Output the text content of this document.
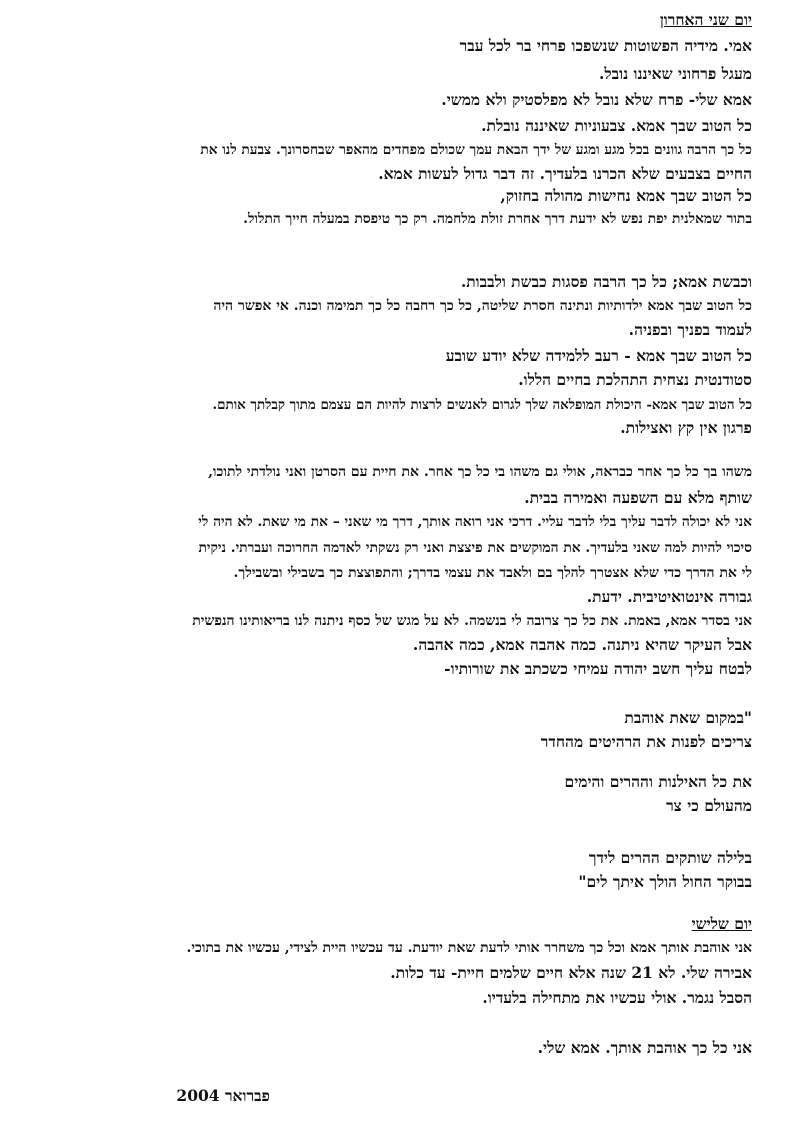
יום שני האחרון

אמי. מידיה הפשוטות שנשפכו פרחי בר לכל עבר

מעגל פרחוני שאיננו נובל.

אמא שלי- פרח שלא נובל לא מפלסטיק ולא ממשי.

כל הטוב שבך אמא. צבעוניות שאיננה נובלת.

כל כך הרבה גוונים בכל מגע ומגע של ידך הבאת עמך שכולם מפחדים מהאפר שבחסרונך. צבעת לנו את

החיים בצבעים שלא הכרנו בלעדיך. זה דבר גדול לעשות אמא.

כל הטוב שבך אמא נחישות מהולה בחזוק,

בתור שמאלנית יפת נפש לא ידעת דרך אחרת זולת מלחמה. רק כך טיפסת במעלה חייך התלול.

וכבשת אמא; כל כך הרבה פסגות כבשת ולבבות.

כל הטוב שבך אמא ילדותיות ונתינה חסרת שליטה, כל כך רחבה כל כך תמימה וכנה. אי אפשר היה

לעמוד בפניך ובפניה.

כל הטוב שבך אמא - רעב ללמידה שלא יודע שובע

סטודנטית נצחית התהלכת בחיים הללו.

כל הטוב שבך אמא- היכולת המופלאה שלך לגרום לאנשים לרצות להיות הם עצמם מתוך קבלתך אותם.

פרגון אין קץ ואצילות.

משהו בך כל כך אחר כבראה, אולי גם משהו בי כל כך אחר. את חיית עם הסרטן ואני נולדתי לתוכו,

שותף מלא עם השפעה ואמירה בבית.

אני לא יכולה לדבר עליך בלי לדבר עליי. דרכי אני רואה אותך, דרך מי שאני – את מי שאת. לא היה לי

סיכוי להיות למה שאני בלעדיך. את המוקשים את פיצצת ואני רק נשקתי לאדמה החרוכה ועברתי. ניקית

לי את הדרך כדי שלא אצטרך להלך בם ולאבד את עצמי בדרך; והתפוצצת כך בשבילי ובשבילך.

גבורה אינטואיטיבית. ידעת.

אני בסדר אמא, באמת. את כל כך צרובה לי בנשמה. לא על מגש של כסף ניתנה לנו בריאותינו הנפשית

אבל העיקר שהיא ניתנה. כמה אהבה אמא, כמה אהבה.

לבטח עליך חשב יהודה עמיחי כשכתב את שורותיו-

"במקום שאת אוהבת

צריכים לפנות את הרהיטים מהחדר

את כל האילנות וההרים והימים

מהעולם כי צר

בלילה שותקים ההרים לידך

בבוקר החול הולך איתך לים"

יום שלישי

אני אוהבת אותך אמא וכל כך משחרר אותי לדעת שאת יודעת. עד עכשיו היית לצידי, עכשיו את בתוכי.

אבירה שלי. לא 21 שנה אלא חיים שלמים חיית- עד כלות.

הסבל נגמר. אולי עכשיו את מתחילה בלעדיו.

אני כל כך אוהבת אותך. אמא שלי.

פברואר 2004
